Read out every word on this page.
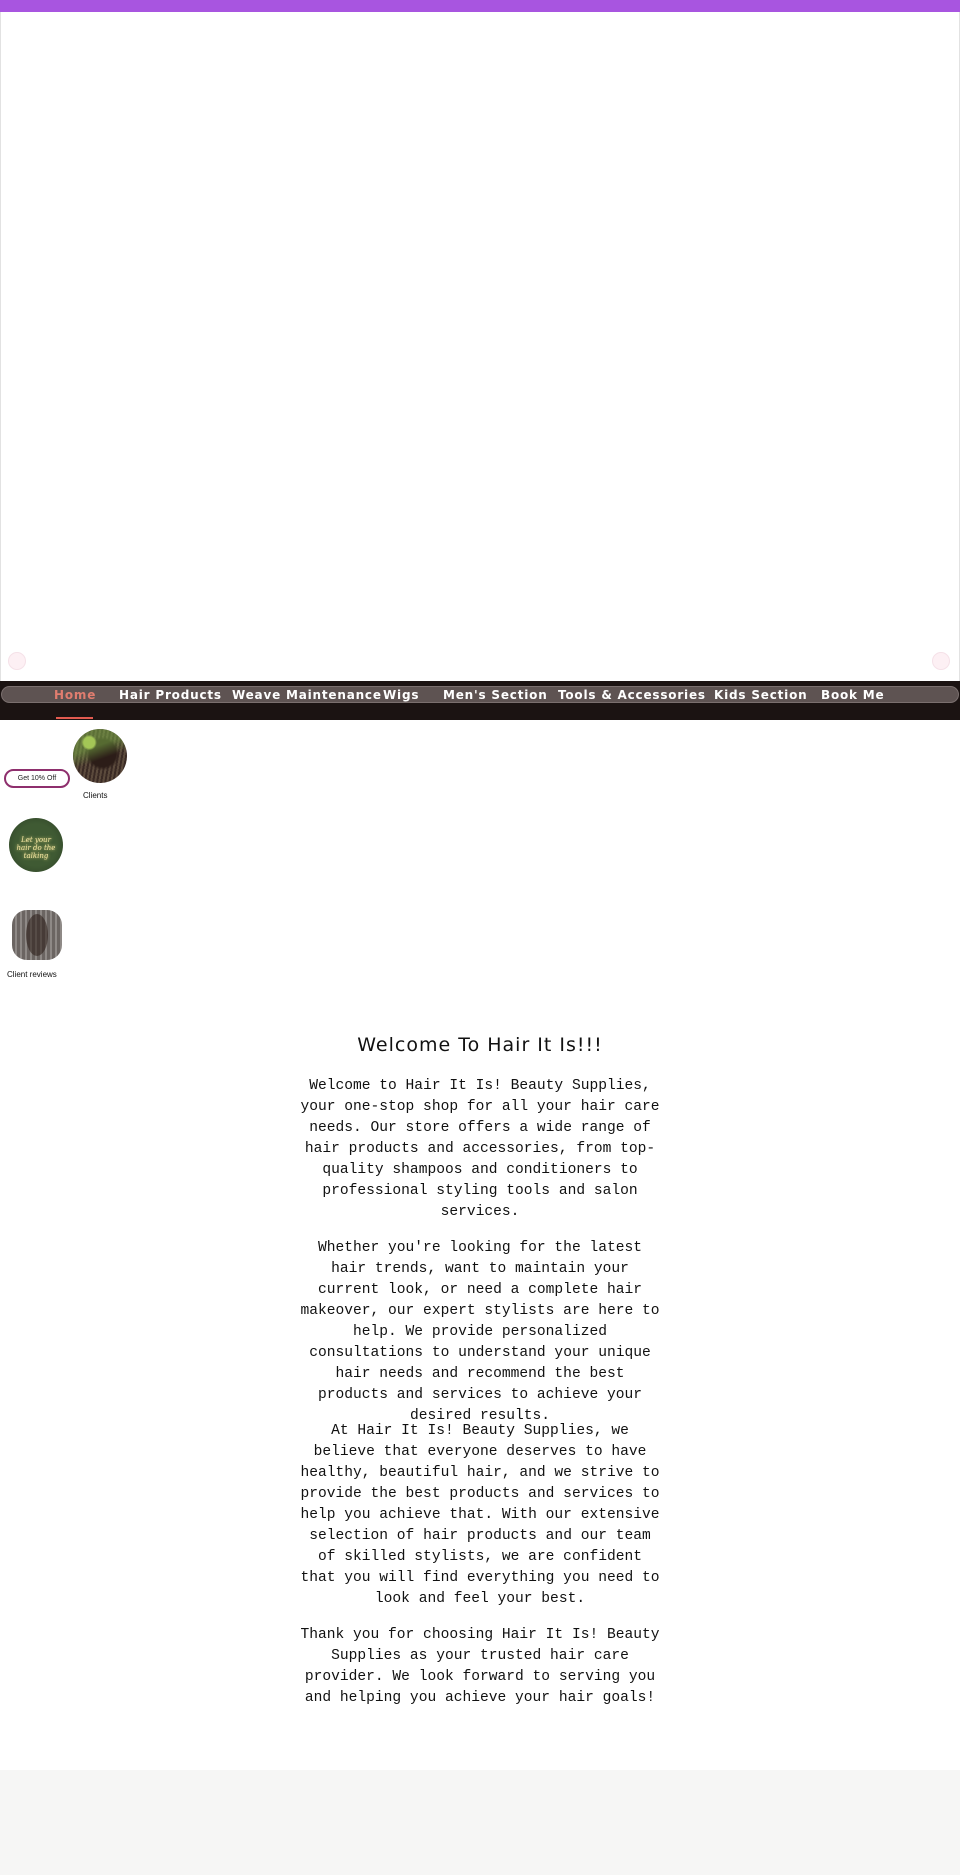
Home Hair Products Weave Maintenance Wigs Men's Section Tools & Accessories Kids Section Book Me
Get 10% Off
Clients
Let your hair do the talking
Client reviews
Welcome To Hair It Is!!!

Welcome to Hair It Is! Beauty Supplies, your one-stop shop for all your hair care needs. Our store offers a wide range of hair products and accessories, from top-quality shampoos and conditioners to professional styling tools and salon services.

Whether you're looking for the latest hair trends, want to maintain your current look, or need a complete hair makeover, our expert stylists are here to help. We provide personalized consultations to understand your unique hair needs and recommend the best products and services to achieve your desired results.

At Hair It Is! Beauty Supplies, we believe that everyone deserves to have healthy, beautiful hair, and we strive to provide the best products and services to help you achieve that. With our extensive selection of hair products and our team of skilled stylists, we are confident that you will find everything you need to look and feel your best.

Thank you for choosing Hair It Is! Beauty Supplies as your trusted hair care provider. We look forward to serving you and helping you achieve your hair goals!
